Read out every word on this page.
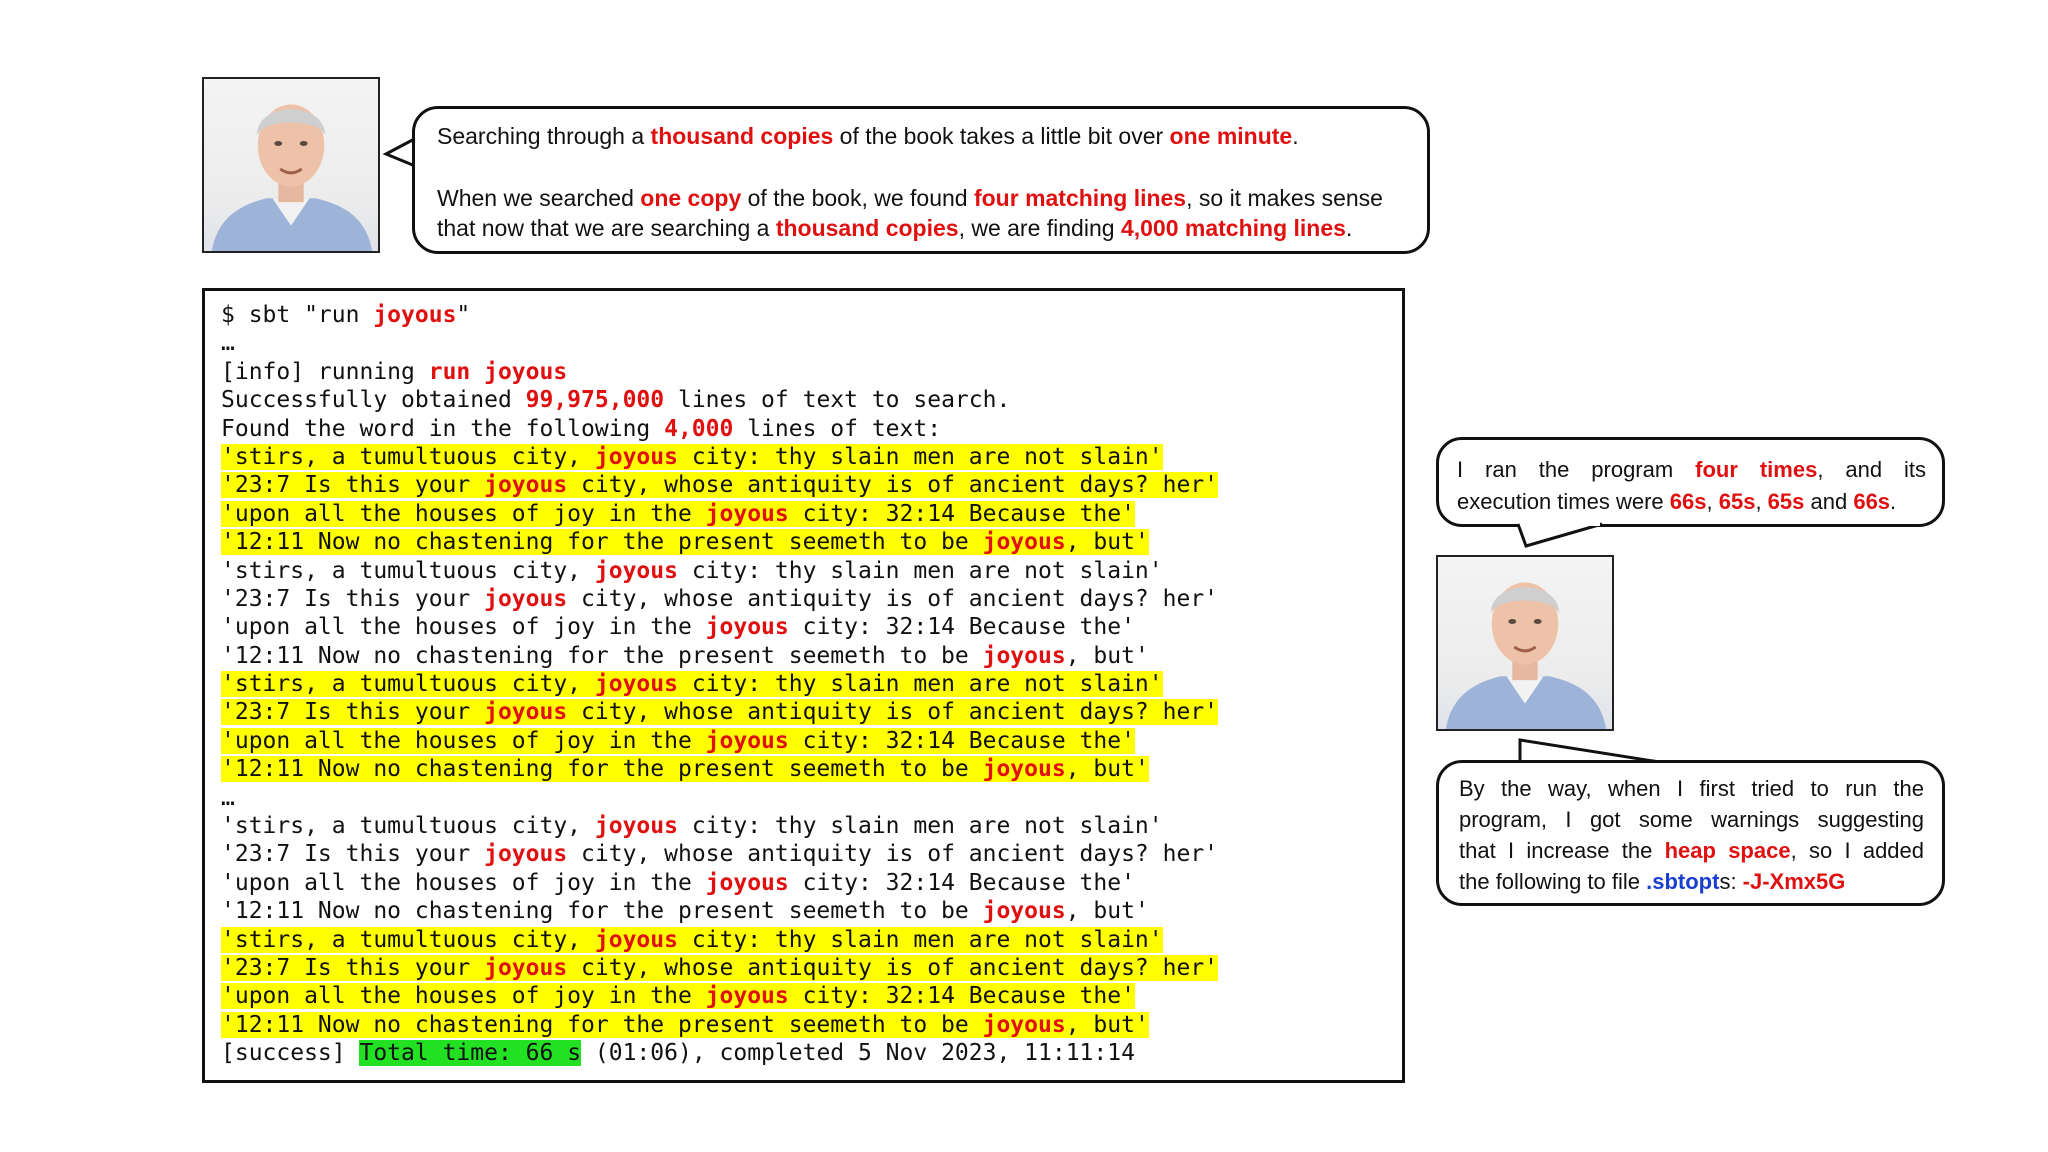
Searching through a thousand copies of the book takes a little bit over one minute.
When we searched one copy of the book, we found four matching lines, so it makes sense
that now that we are searching a thousand copies, we are finding 4,000 matching lines.
$ sbt "run joyous"
…
[info] running run joyous
Successfully obtained 99,975,000 lines of text to search.
Found the word in the following 4,000 lines of text:
'stirs, a tumultuous city, joyous city: thy slain men are not slain'
'23:7 Is this your joyous city, whose antiquity is of ancient days? her'
'upon all the houses of joy in the joyous city: 32:14 Because the'
'12:11 Now no chastening for the present seemeth to be joyous, but'
'stirs, a tumultuous city, joyous city: thy slain men are not slain'
'23:7 Is this your joyous city, whose antiquity is of ancient days? her'
'upon all the houses of joy in the joyous city: 32:14 Because the'
'12:11 Now no chastening for the present seemeth to be joyous, but'
'stirs, a tumultuous city, joyous city: thy slain men are not slain'
'23:7 Is this your joyous city, whose antiquity is of ancient days? her'
'upon all the houses of joy in the joyous city: 32:14 Because the'
'12:11 Now no chastening for the present seemeth to be joyous, but'
…
'stirs, a tumultuous city, joyous city: thy slain men are not slain'
'23:7 Is this your joyous city, whose antiquity is of ancient days? her'
'upon all the houses of joy in the joyous city: 32:14 Because the'
'12:11 Now no chastening for the present seemeth to be joyous, but'
'stirs, a tumultuous city, joyous city: thy slain men are not slain'
'23:7 Is this your joyous city, whose antiquity is of ancient days? her'
'upon all the houses of joy in the joyous city: 32:14 Because the'
'12:11 Now no chastening for the present seemeth to be joyous, but'
[success] Total time: 66 s (01:06), completed 5 Nov 2023, 11:11:14
I ran the program four times, and its
execution times were 66s, 65s, 65s and 66s.
By the way, when I first tried to run the
program, I got some warnings suggesting
that I increase the heap space, so I added
the following to file .sbtopts: -J-Xmx5G
